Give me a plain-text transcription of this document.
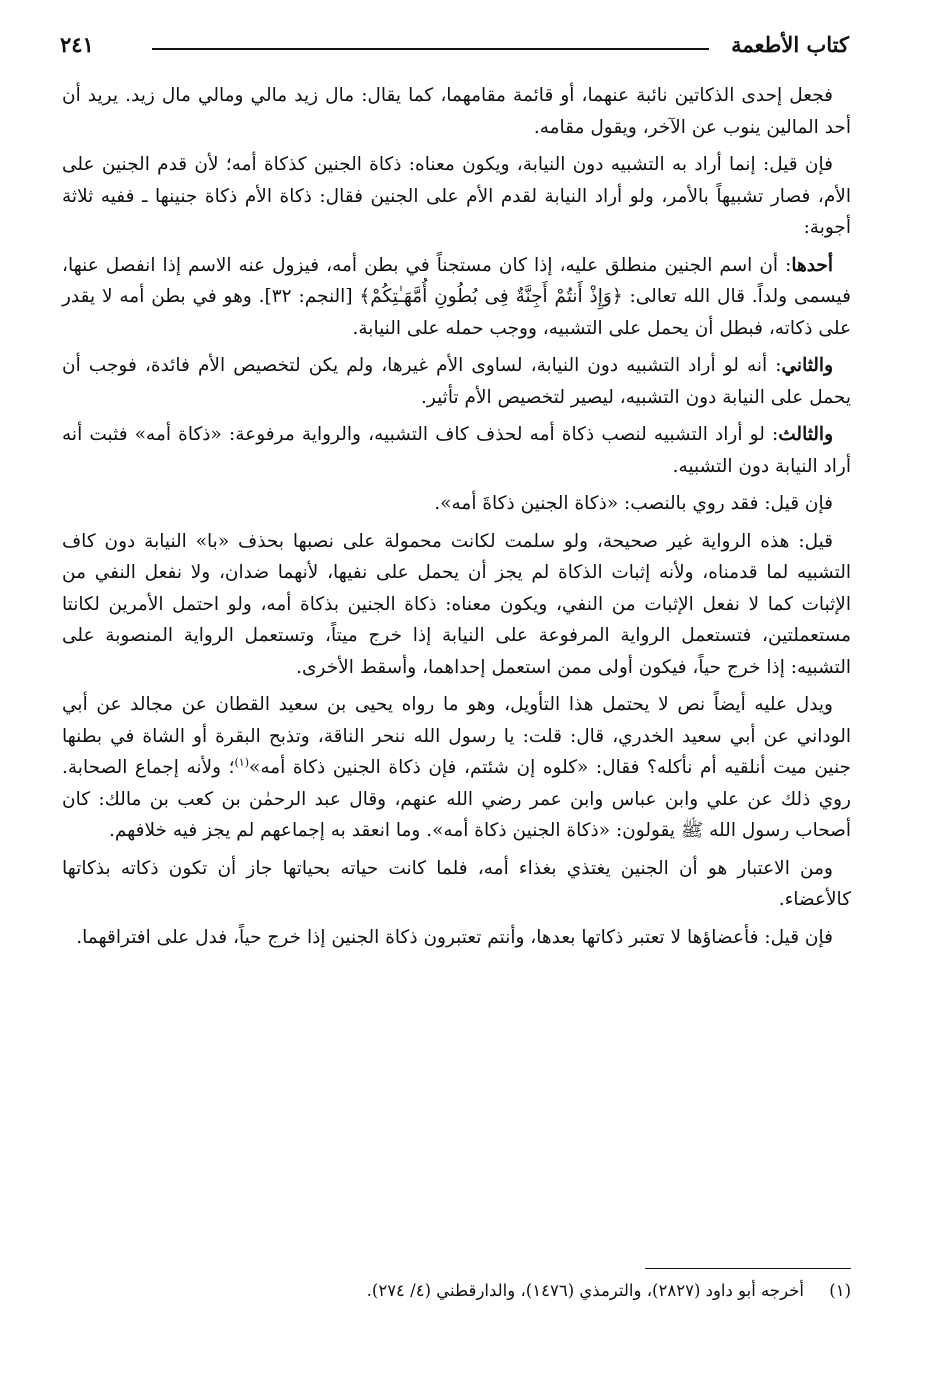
كتاب الأطعمة
٢٤١

فجعل إحدى الذكاتين نائبة عنهما، أو قائمة مقامهما، كما يقال: مال زيد مالي ومالي مال زيد. يريد أن أحد المالين ينوب عن الآخر، ويقول مقامه.

فإن قيل: إنما أراد به التشبيه دون النيابة، ويكون معناه: ذكاة الجنين كذكاة أمه؛ لأن قدم الجنين على الأم، فصار تشبيهاً بالأمر، ولو أراد النيابة لقدم الأم على الجنين فقال: ذكاة الأم ذكاة جنينها ـ ففيه ثلاثة أجوبة:

أحدها: أن اسم الجنين منطلق عليه، إذا كان مستجناً في بطن أمه، فيزول عنه الاسم إذا انفصل عنها، فيسمى ولداً. قال الله تعالى: ﴿وَإِذْ أَنتُمْ أَجِنَّةٌ فِى بُطُونِ أُمَّهَـٰتِكُمْ﴾ [النجم: ٣٢]. وهو في بطن أمه لا يقدر على ذكاته، فبطل أن يحمل على التشبيه، ووجب حمله على النيابة.

والثاني: أنه لو أراد التشبيه دون النيابة، لساوى الأم غيرها، ولم يكن لتخصيص الأم فائدة، فوجب أن يحمل على النيابة دون التشبيه، ليصير لتخصيص الأم تأثير.

والثالث: لو أراد التشبيه لنصب ذكاة أمه لحذف كاف التشبيه، والرواية مرفوعة: «ذكاة أمه» فثبت أنه أراد النيابة دون التشبيه.

فإن قيل: فقد روي بالنصب: «ذكاة الجنين ذكاةَ أمه».

قيل: هذه الرواية غير صحيحة، ولو سلمت لكانت محمولة على نصبها بحذف «با» النيابة دون كاف التشبيه لما قدمناه، ولأنه إثبات الذكاة لم يجز أن يحمل على نفيها، لأنهما ضدان، ولا نفعل النفي من الإثبات كما لا نفعل الإثبات من النفي، ويكون معناه: ذكاة الجنين بذكاة أمه، ولو احتمل الأمرين لكانتا مستعملتين، فتستعمل الرواية المرفوعة على النيابة إذا خرج ميتاً، وتستعمل الرواية المنصوبة على التشبيه: إذا خرج حياً، فيكون أولى ممن استعمل إحداهما، وأسقط الأخرى.

ويدل عليه أيضاً نص لا يحتمل هذا التأويل، وهو ما رواه يحيى بن سعيد القطان عن مجالد عن أبي الوداني عن أبي سعيد الخدري، قال: قلت: يا رسول الله ننحر الناقة، وتذبح البقرة أو الشاة في بطنها جنين ميت أنلقيه أم نأكله؟ فقال: «كلوه إن شئتم، فإن ذكاة الجنين ذكاة أمه»$^{(١)}$؛ ولأنه إجماع الصحابة. روي ذلك عن علي وابن عباس وابن عمر رضي الله عنهم، وقال عبد الرحمٰن بن كعب بن مالك: كان أصحاب رسول الله ﷺ يقولون: «ذكاة الجنين ذكاة أمه». وما انعقد به إجماعهم لم يجز فيه خلافهم.

ومن الاعتبار هو أن الجنين يغتذي بغذاء أمه، فلما كانت حياته بحياتها جاز أن تكون ذكاته بذكاتها كالأعضاء.

فإن قيل: فأعضاؤها لا تعتبر ذكاتها بعدها، وأنتم تعتبرون ذكاة الجنين إذا خرج حياً، فدل على افتراقهما.

(١) أخرجه أبو داود (٢٨٢٧)، والترمذي (١٤٧٦)، والدارقطني (٤/ ٢٧٤).
